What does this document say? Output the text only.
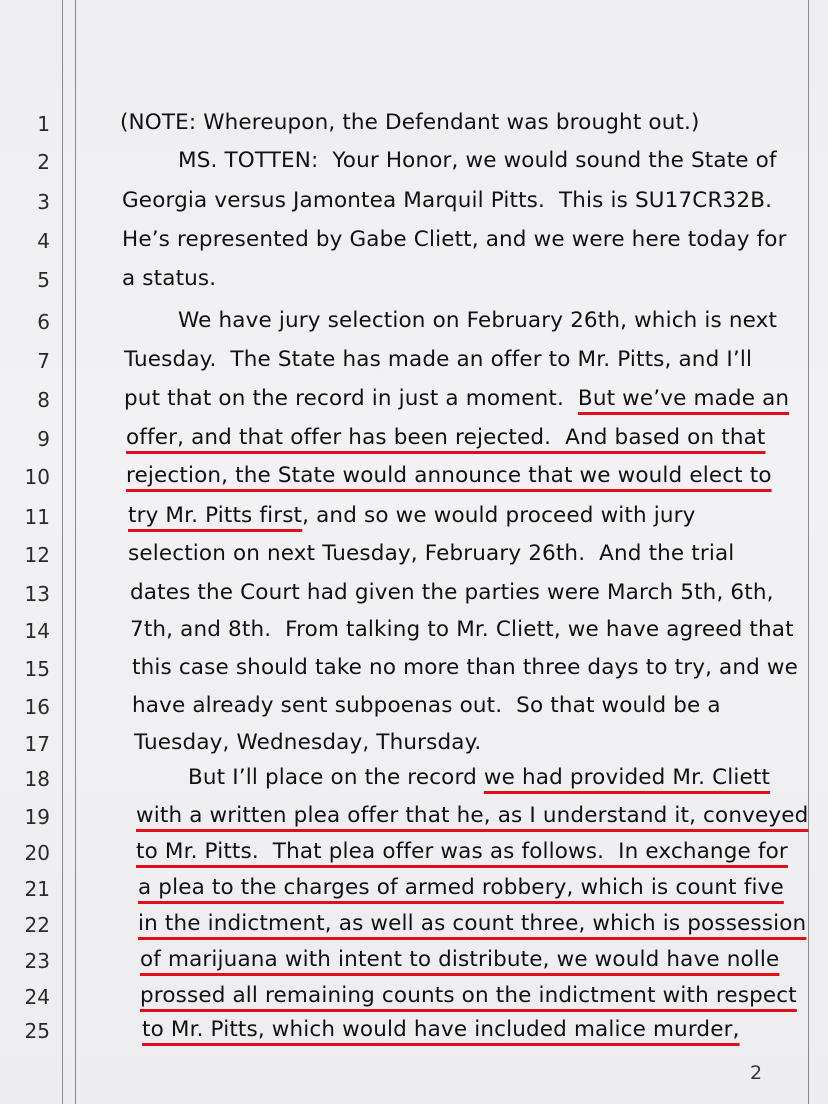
1	(NOTE: Whereupon, the Defendant was brought out.)
2	MS. TOTTEN:  Your Honor, we would sound the State of
3	Georgia versus Jamontea Marquil Pitts.  This is SU17CR32B.
4	He’s represented by Gabe Cliett, and we were here today for
5	a status.
6	We have jury selection on February 26th, which is next
7	Tuesday.  The State has made an offer to Mr. Pitts, and I’ll
8	put that on the record in just a moment.  But we’ve made an
9	offer, and that offer has been rejected.  And based on that
10	rejection, the State would announce that we would elect to
11	try Mr. Pitts first, and so we would proceed with jury
12	selection on next Tuesday, February 26th.  And the trial
13	dates the Court had given the parties were March 5th, 6th,
14	7th, and 8th.  From talking to Mr. Cliett, we have agreed that
15	this case should take no more than three days to try, and we
16	have already sent subpoenas out.  So that would be a
17	Tuesday, Wednesday, Thursday.
18	But I’ll place on the record we had provided Mr. Cliett
19	with a written plea offer that he, as I understand it, conveyed
20	to Mr. Pitts.  That plea offer was as follows.  In exchange for
21	a plea to the charges of armed robbery, which is count five
22	in the indictment, as well as count three, which is possession
23	of marijuana with intent to distribute, we would have nolle
24	prossed all remaining counts on the indictment with respect
25	to Mr. Pitts, which would have included malice murder,
2
